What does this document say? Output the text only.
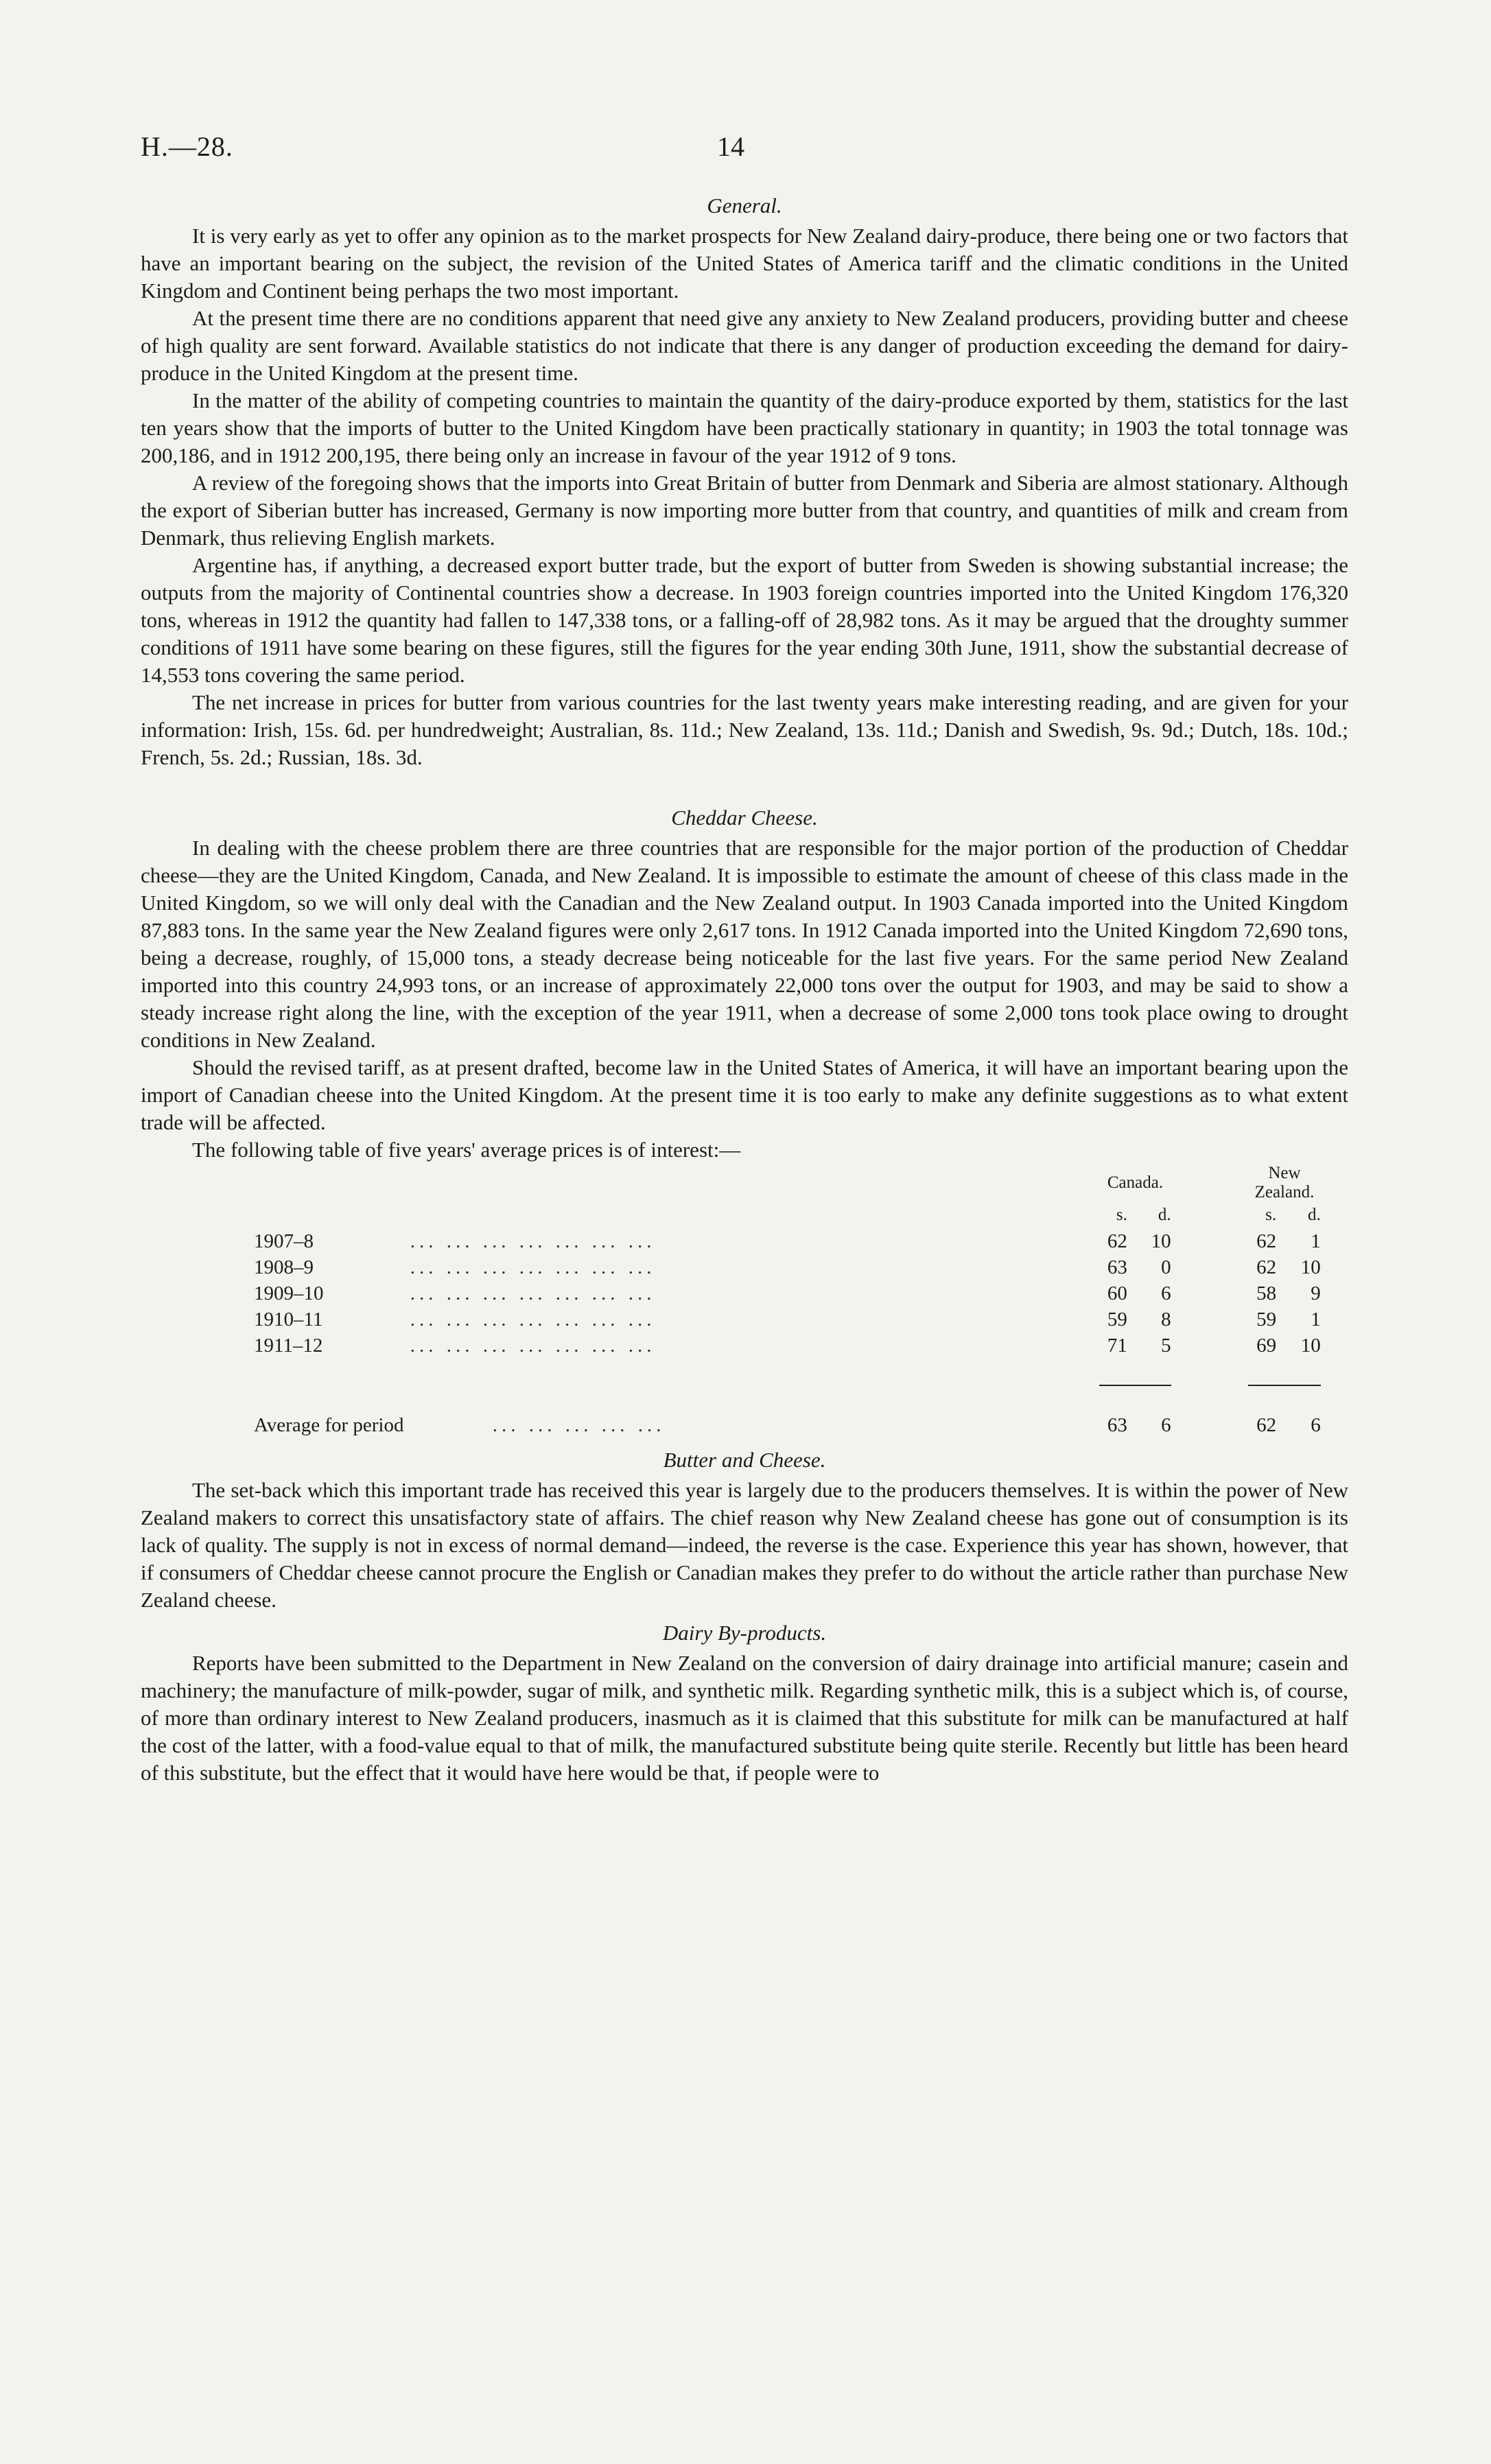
H.—28.	14
General.

It is very early as yet to offer any opinion as to the market prospects for New Zealand dairy-produce, there being one or two factors that have an important bearing on the subject, the revision of the United States of America tariff and the climatic conditions in the United Kingdom and Continent being perhaps the two most important.

At the present time there are no conditions apparent that need give any anxiety to New Zealand producers, providing butter and cheese of high quality are sent forward. Available statistics do not indicate that there is any danger of production exceeding the demand for dairy-produce in the United Kingdom at the present time.

In the matter of the ability of competing countries to maintain the quantity of the dairy-produce exported by them, statistics for the last ten years show that the imports of butter to the United Kingdom have been practically stationary in quantity; in 1903 the total tonnage was 200,186, and in 1912 200,195, there being only an increase in favour of the year 1912 of 9 tons.

A review of the foregoing shows that the imports into Great Britain of butter from Denmark and Siberia are almost stationary. Although the export of Siberian butter has increased, Germany is now importing more butter from that country, and quantities of milk and cream from Denmark, thus relieving English markets.

Argentine has, if anything, a decreased export butter trade, but the export of butter from Sweden is showing substantial increase; the outputs from the majority of Continental countries show a decrease. In 1903 foreign countries imported into the United Kingdom 176,320 tons, whereas in 1912 the quantity had fallen to 147,338 tons, or a falling-off of 28,982 tons. As it may be argued that the droughty summer conditions of 1911 have some bearing on these figures, still the figures for the year ending 30th June, 1911, show the substantial decrease of 14,553 tons covering the same period.

The net increase in prices for butter from various countries for the last twenty years make interesting reading, and are given for your information: Irish, 15s. 6d. per hundredweight; Australian, 8s. 11d.; New Zealand, 13s. 11d.; Danish and Swedish, 9s. 9d.; Dutch, 18s. 10d.; French, 5s. 2d.; Russian, 18s. 3d.

Cheddar Cheese.

In dealing with the cheese problem there are three countries that are responsible for the major portion of the production of Cheddar cheese—they are the United Kingdom, Canada, and New Zealand. It is impossible to estimate the amount of cheese of this class made in the United Kingdom, so we will only deal with the Canadian and the New Zealand output. In 1903 Canada imported into the United Kingdom 87,883 tons. In the same year the New Zealand figures were only 2,617 tons. In 1912 Canada imported into the United Kingdom 72,690 tons, being a decrease, roughly, of 15,000 tons, a steady decrease being noticeable for the last five years. For the same period New Zealand imported into this country 24,993 tons, or an increase of approximately 22,000 tons over the output for 1903, and may be said to show a steady increase right along the line, with the exception of the year 1911, when a decrease of some 2,000 tons took place owing to drought conditions in New Zealand.

Should the revised tariff, as at present drafted, become law in the United States of America, it will have an important bearing upon the import of Canadian cheese into the United Kingdom. At the present time it is too early to make any definite suggestions as to what extent trade will be affected.

The following table of five years' average prices is of interest:—

		Canada.				New Zealand.			
		s.		d.		s.		d.	
1907–8	... ... ... ... ... ... ...	62		10		62		1	
1908–9	... ... ... ... ... ... ...	63		0		62		10	
1909–10	... ... ... ... ... ... ...	60		6		58		9	
1910–11	... ... ... ... ... ... ...	59		8		59		1	
1911–12	... ... ... ... ... ... ...	71		5		69		10	

Average for period	... ... ... ... ...	63		6		62		6	
Butter and Cheese.

The set-back which this important trade has received this year is largely due to the producers themselves. It is within the power of New Zealand makers to correct this unsatisfactory state of affairs. The chief reason why New Zealand cheese has gone out of consumption is its lack of quality. The supply is not in excess of normal demand—indeed, the reverse is the case. Experience this year has shown, however, that if consumers of Cheddar cheese cannot procure the English or Canadian makes they prefer to do without the article rather than purchase New Zealand cheese.

Dairy By-products.

Reports have been submitted to the Department in New Zealand on the conversion of dairy drainage into artificial manure; casein and machinery; the manufacture of milk-powder, sugar of milk, and synthetic milk. Regarding synthetic milk, this is a subject which is, of course, of more than ordinary interest to New Zealand producers, inasmuch as it is claimed that this substitute for milk can be manufactured at half the cost of the latter, with a food-value equal to that of milk, the manufactured substitute being quite sterile. Recently but little has been heard of this substitute, but the effect that it would have here would be that, if people were to
